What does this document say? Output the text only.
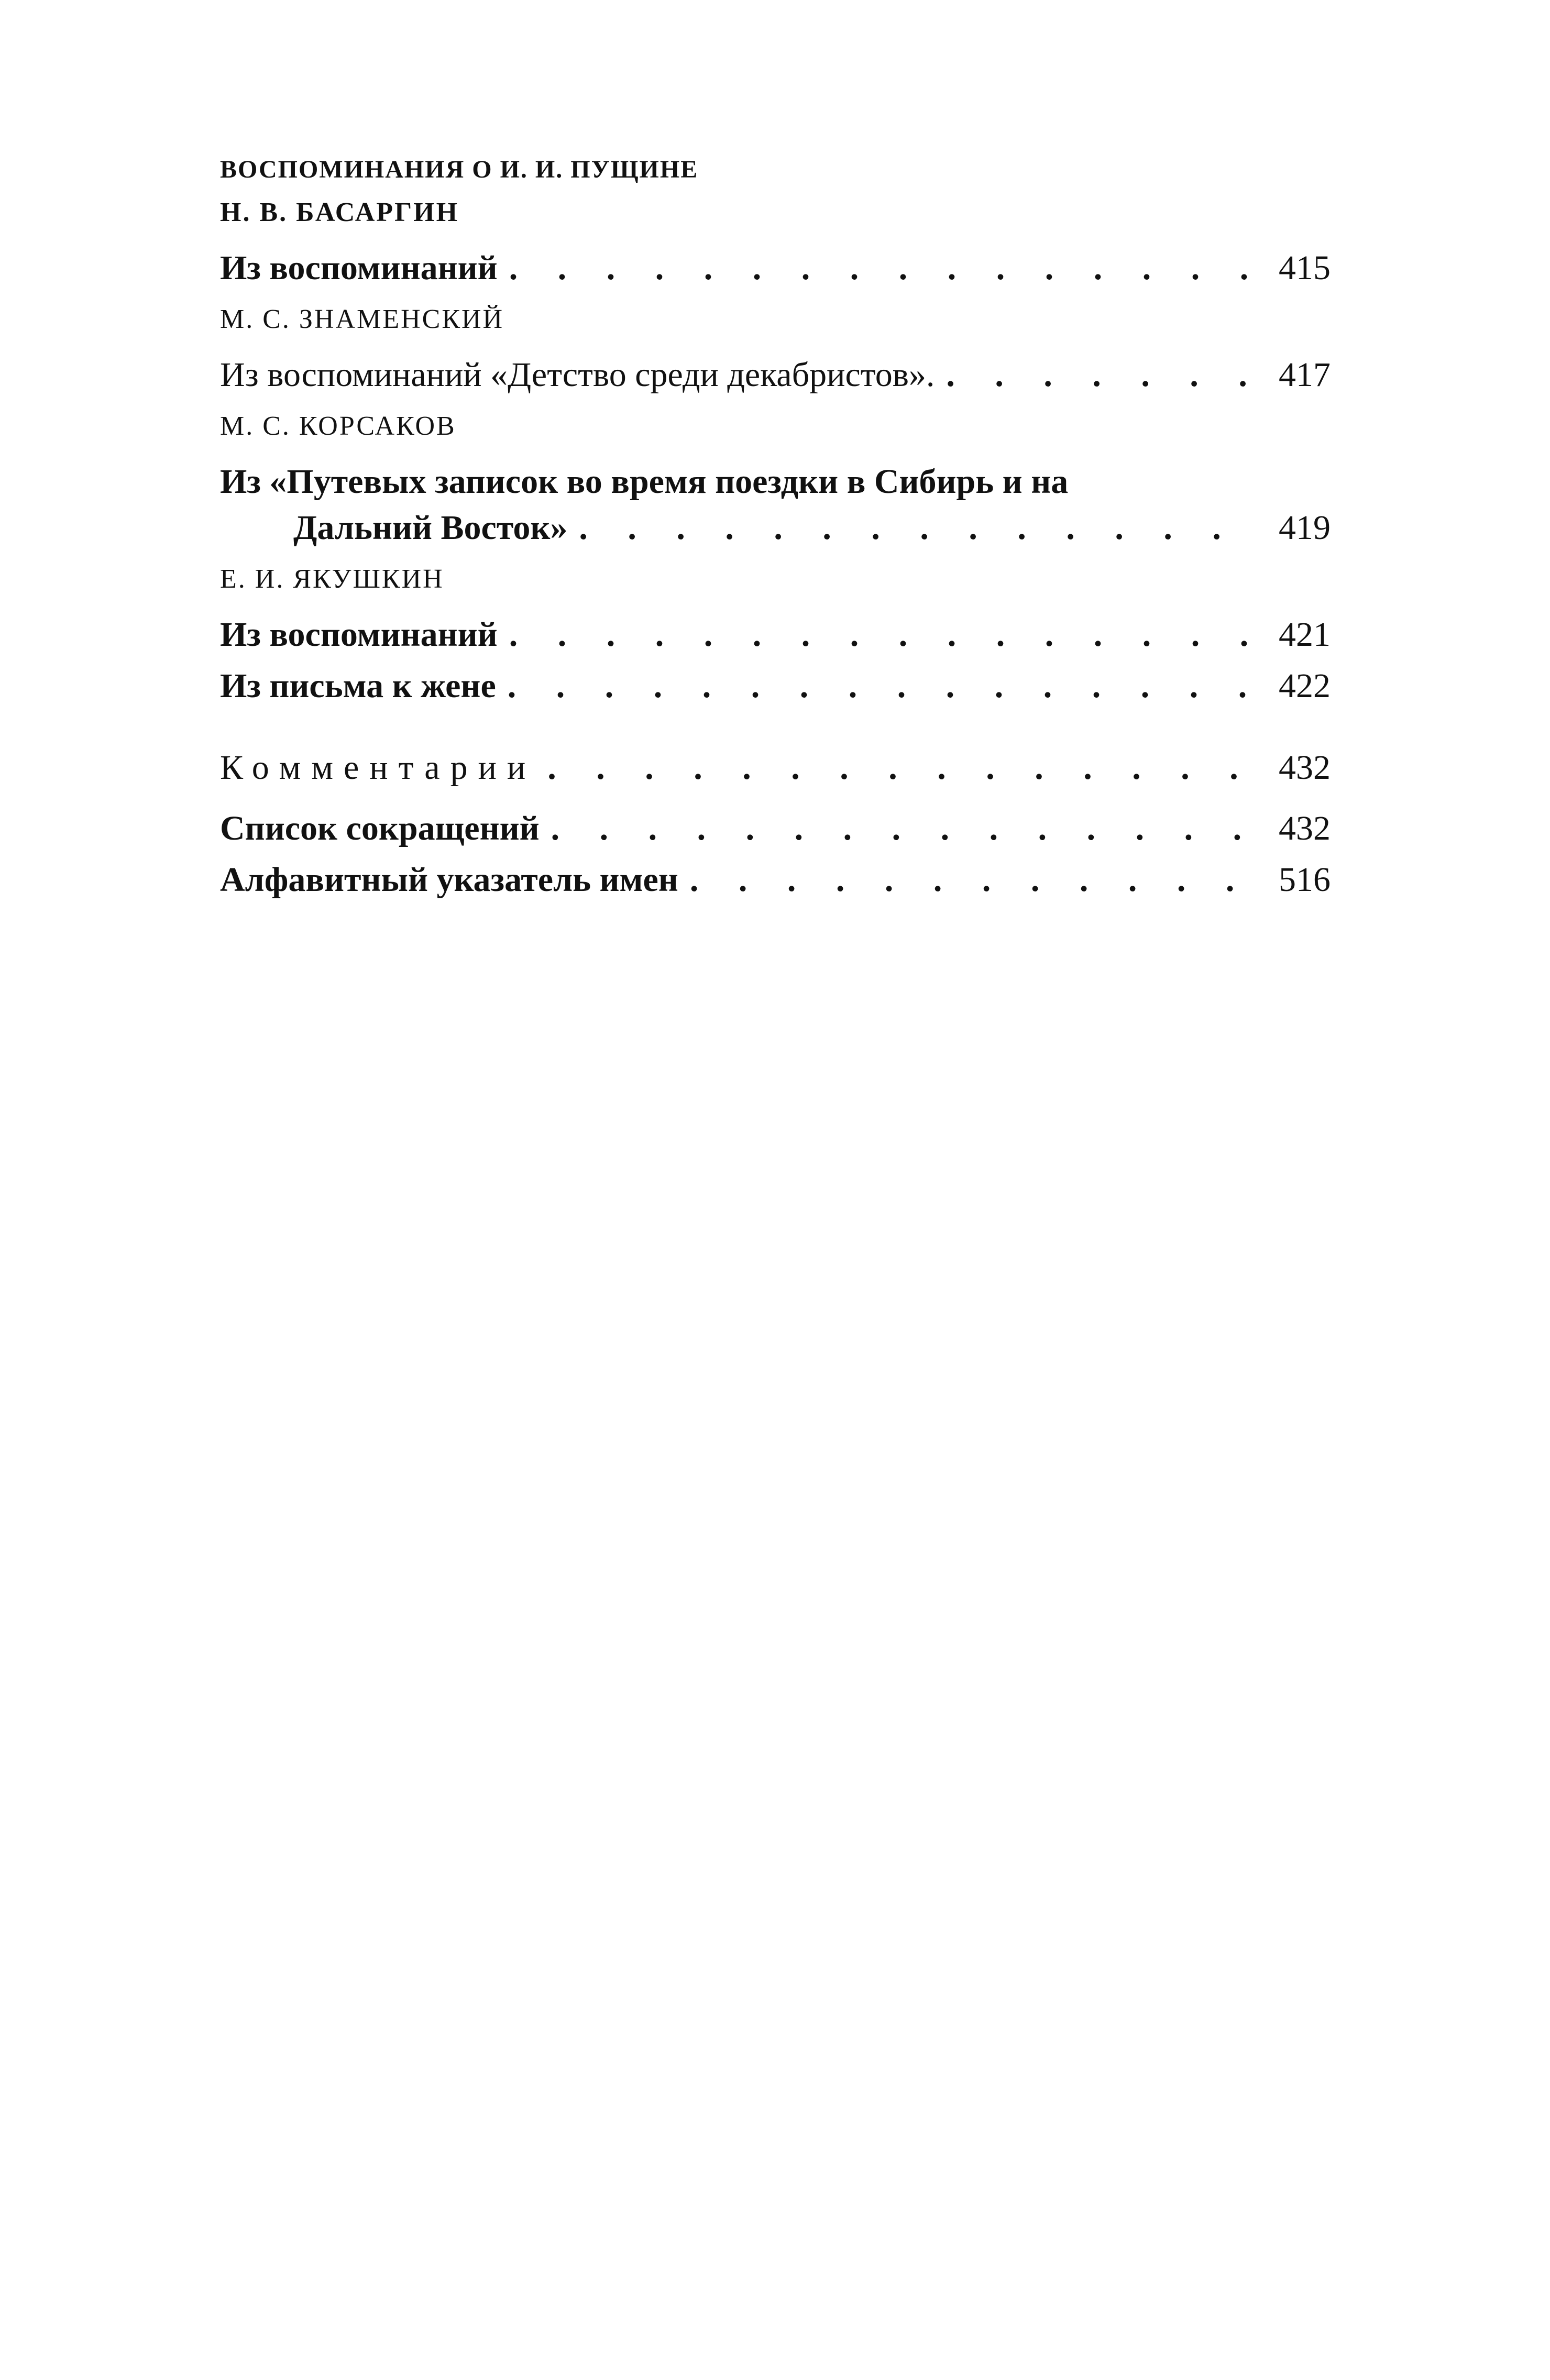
ВОСПОМИНАНИЯ О И. И. ПУЩИНЕ
Н. В. БАСАРГИН
Из воспоминаний . . .	415
М. С. ЗНАМЕНСКИЙ
Из воспоминаний «Детство среди декабристов». . . .	417
М. С. КОРСАКОВ
Из «Путевых записок во время поездки в Сибирь и на
Дальний Восток» . . .	419
Е. И. ЯКУШКИН
Из воспоминаний . . .	421
Из письма к жене . . .	422
Комментарии . . .	432
Список сокращений . . .	432
Алфавитный указатель имен . . .	516
